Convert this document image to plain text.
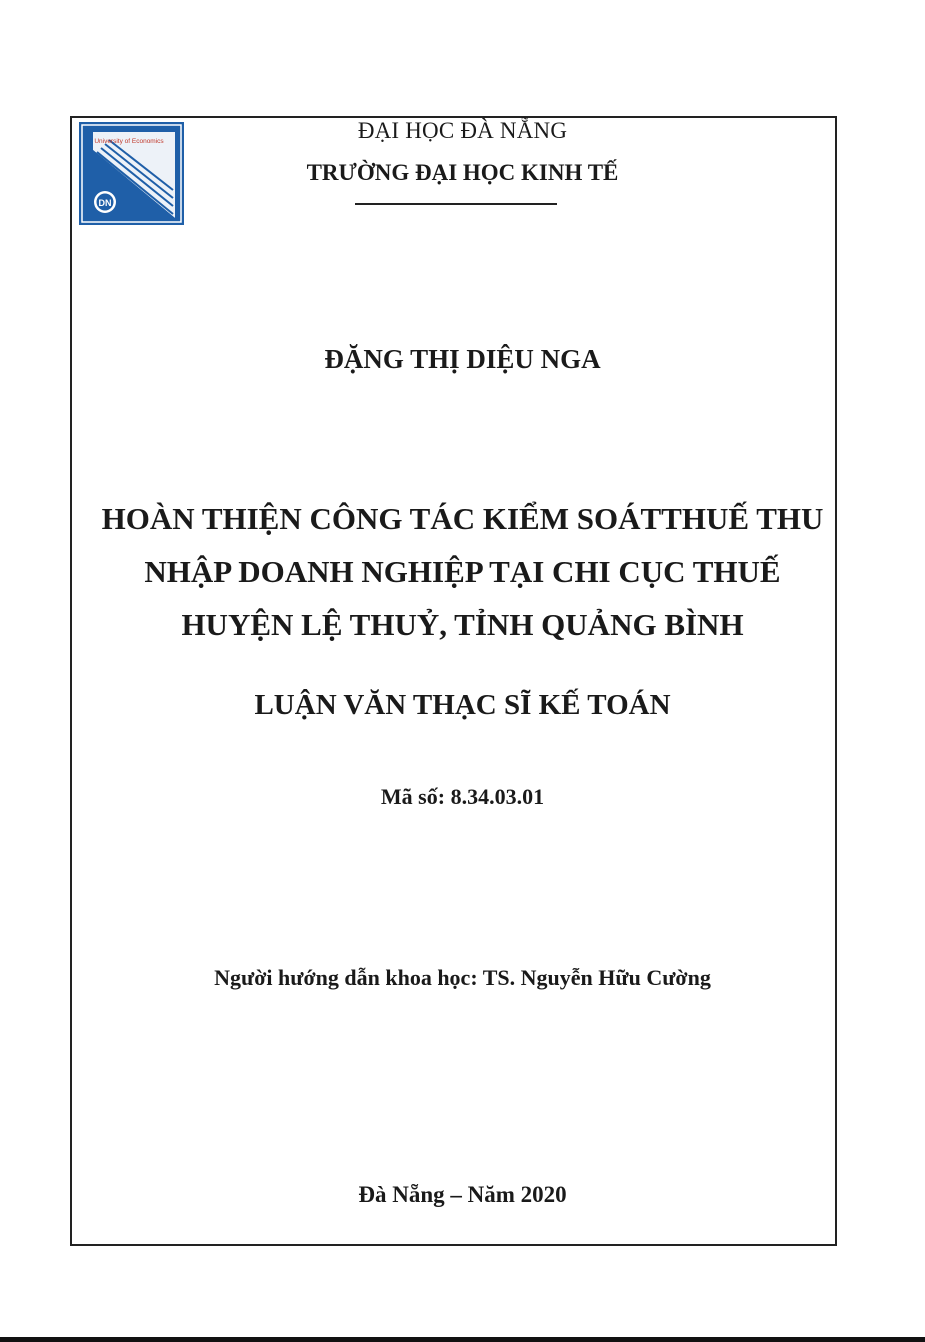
University of Economics
DN
ĐẠI HỌC ĐÀ NẴNG
TRƯỜNG ĐẠI HỌC KINH TẾ
ĐẶNG THỊ DIỆU NGA
HOÀN THIỆN CÔNG TÁC KIỂM SOÁTTHUẾ THU
NHẬP DOANH NGHIỆP TẠI CHI CỤC THUẾ
HUYỆN LỆ THUỶ, TỈNH QUẢNG BÌNH
LUẬN VĂN THẠC SĨ KẾ TOÁN
Mã số: 8.34.03.01
Người hướng dẫn khoa học: TS. Nguyễn Hữu Cường
Đà Nẵng – Năm 2020
